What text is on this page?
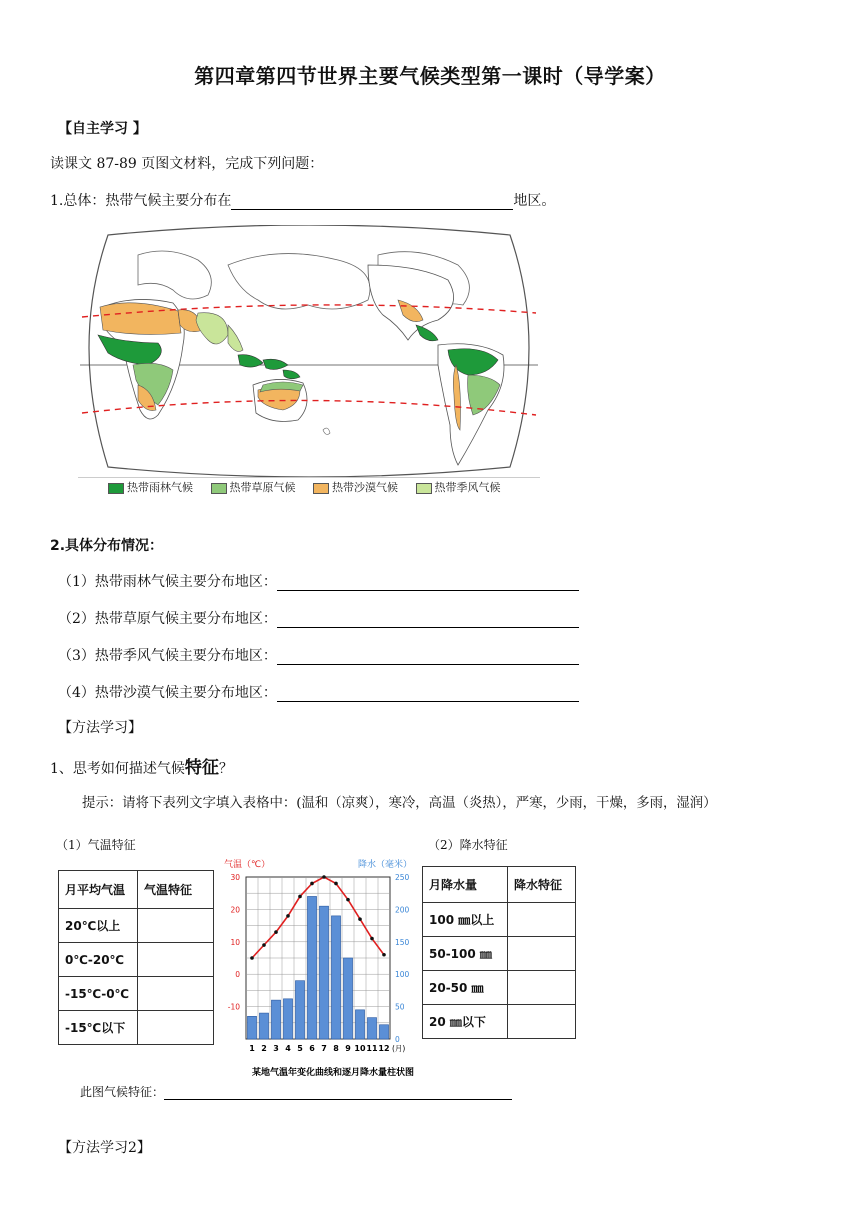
第四章第四节世界主要气候类型第一课时（导学案）
【自主学习 】
读课文 87-89 页图文材料，完成下列问题：
1.总体：热带气候主要分布在	地区。
热带雨林气候	热带草原气候	热带沙漠气候	热带季风气候
2.具体分布情况：
（1）热带雨林气候主要分布地区：
（2）热带草原气候主要分布地区：
（3）热带季风气候主要分布地区：
（4）热带沙漠气候主要分布地区：
【方法学习】
1、思考如何描述气候特征？
提示：请将下表列文字填入表格中：(温和（凉爽），寒冷，高温（炎热），严寒，少雨，干燥，多雨，湿润）
（1）气温特征
月平均气温	气温特征
20℃以上	
0℃-20℃	
-15℃-0℃	
-15℃以下	
气温（℃）	降水（毫米）
30
20
10
0
-10
250
200
150
100
50
0
1 2 3 4 5 6 7 8 9 10 11 12 (月)
某地气温年变化曲线和逐月降水量柱状图
（2）降水特征
月降水量	降水特征
100 ㎜以上	
50-100 ㎜	
20-50 ㎜	
20 ㎜以下	
此图气候特征：
【方法学习2】
